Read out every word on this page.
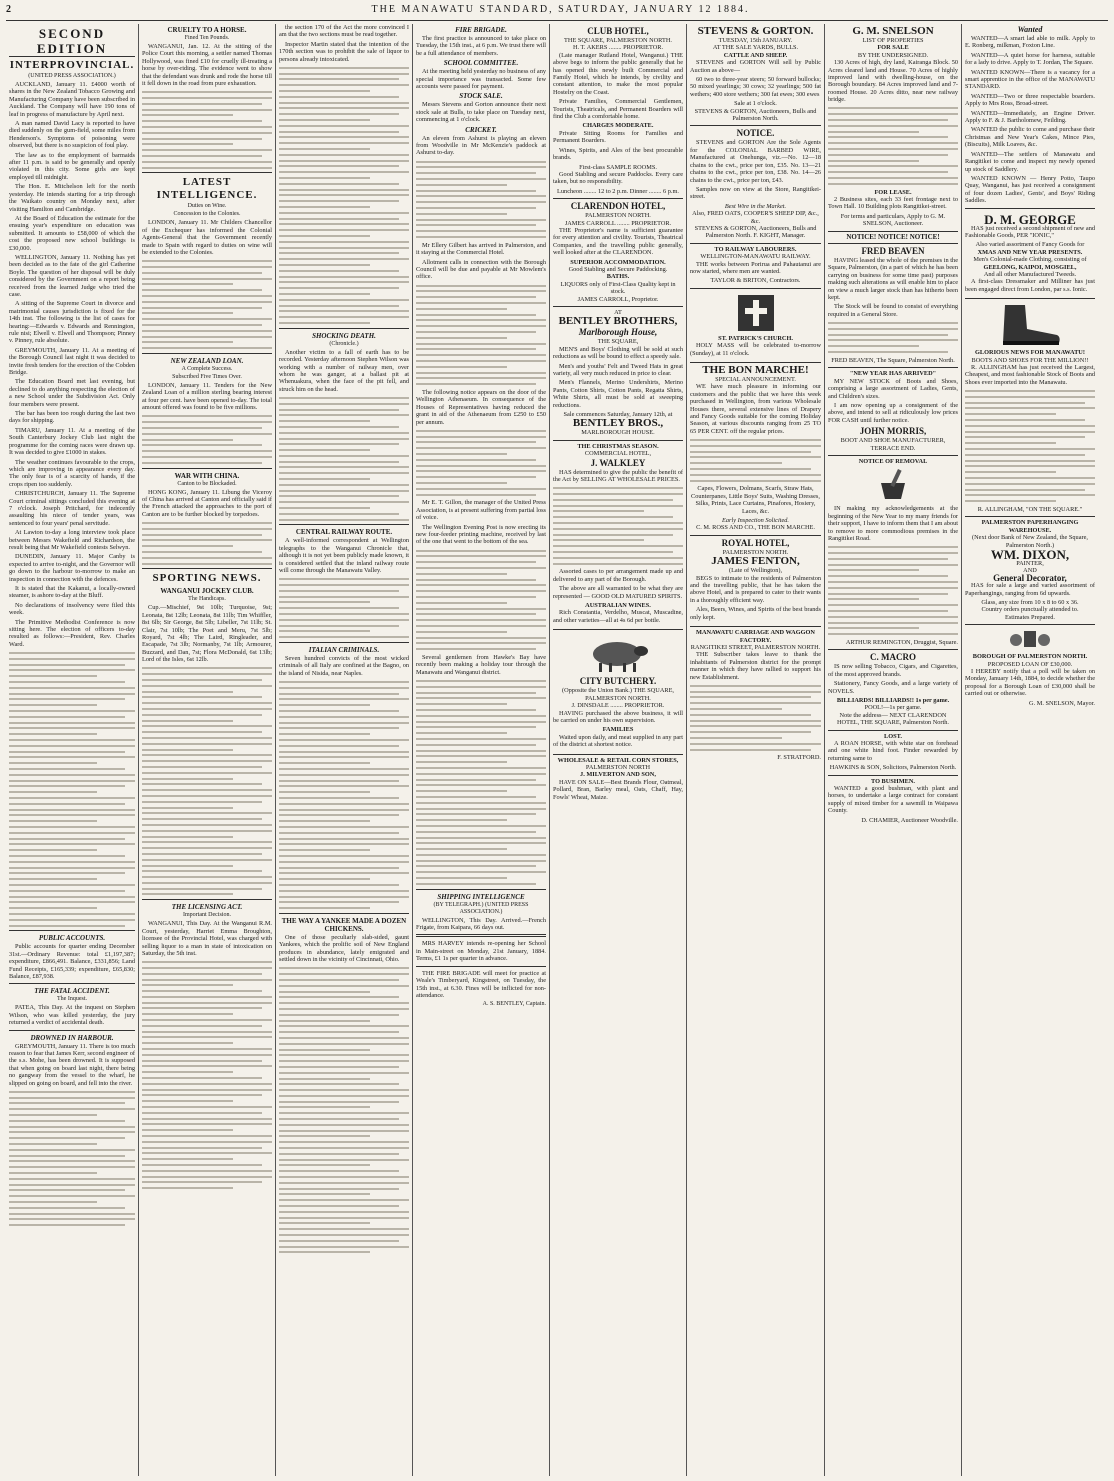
2	THE MANAWATU STANDARD, SATURDAY, JANUARY 12 1884.
SECOND EDITION
INTERPROVINCIAL.
(UNITED PRESS ASSOCIATION.)

AUCKLAND, January 11. £4000 worth of shares in the New Zealand Tobacco Growing and Manufacturing Company have been subscribed in Auckland. The Company will have 190 tons of leaf in progress of manufacture by April next.

A man named David Lacy is reported to have died suddenly on the gum-field, some miles from Henderson's. Symptoms of poisoning were observed, but there is no suspicion of foul play.

The law as to the employment of barmaids after 11 p.m. is said to be generally and openly violated in this city. Some girls are kept employed till midnight.

The Hon. E. Mitchelson left for the north yesterday. He intends starting for a trip through the Waikato country on Monday next, after visiting Hamilton and Cambridge.

At the Board of Education the estimate for the ensuing year's expenditure on education was submitted. It amounts to £58,000 of which the cost the proposed new school buildings is £30,000.

WELLINGTON, January 11. Nothing has yet been decided as to the fate of the girl Catherine Boyle. The question of her disposal will be duly considered by the Government on a report being received from the learned Judge who tried the case.

A sitting of the Supreme Court in divorce and matrimonial causes jurisdiction is fixed for the 14th inst. The following is the list of cases for hearing:—Edwards v. Edwards and Rennington, rule nisi; Elwell v. Elwell and Thompson; Pinney v. Pinney, rule absolute.

GREYMOUTH, January 11. At a meeting of the Borough Council last night it was decided to invite fresh tenders for the erection of the Cobden Bridge.

The Education Board met last evening, but declined to do anything respecting the election of a new School under the Subdivision Act. Only four members were present.

The bar has been too rough during the last two days for shipping.

TIMARU, January 11. At a meeting of the South Canterbury Jockey Club last night the programme for the coming races were drawn up. It was decided to give £1000 in stakes.

The weather continues favourable to the crops, which are improving in appearance every day. The only fear is of a scarcity of hands, if the crops ripen too suddenly.

CHRISTCHURCH, January 11. The Supreme Court criminal sittings concluded this evening at 7 o'clock. Joseph Pritchard, for indecently assaulting his niece of tender years, was sentenced to four years' penal servitude.

At Lawton to-day a long interview took place between Messrs Wakefield and Richardson, the result being that Mr Wakefield contests Selwyn.

DUNEDIN, January 11. Major Canby is expected to arrive to-night, and the Governor will go down to the harbour to-morrow to make an inspection in connection with the defences.

It is stated that the Kakanui, a locally-owned steamer, is ashore to-day at the Bluff.

No declarations of insolvency were filed this week.

The Primitive Methodist Conference is now sitting here. The election of officers to-day resulted as follows:—President, Rev. Charles Ward.

PUBLIC ACCOUNTS.

Public accounts for quarter ending December 31st.—Ordinary Revenue: total £1,197,387; expenditure, £866,491. Balance, £331,856; Land Fund Receipts, £165,339; expenditure, £65,830; Balance, £87,938.

THE FATAL ACCIDENT.
The Inquest.

PATEA, This Day. At the inquest on Stephen Wilson, who was killed yesterday, the jury returned a verdict of accidental death.

DROWNED IN HARBOUR.

GREYMOUTH, January 11. There is too much reason to fear that James Kerr, second engineer of the s.s. Mohe, has been drowned. It is supposed that when going on board last night, there being no gangway from the vessel to the wharf, he slipped on going on board, and fell into the river.

CRUELTY TO A HORSE.
Fined Ten Pounds.

WANGANUI, Jan. 12. At the sitting of the Police Court this morning, a settler named Thomas Hollywood, was fined £10 for cruelly ill-treating a horse by over-riding. The evidence went to show that the defendant was drunk and rode the horse till it fell down in the road from pure exhaustion.

LATEST INTELLIGENCE.
Duties on Wine.
Concession to the Colonies.

LONDON, January 11. Mr Childers Chancellor of the Exchequer has informed the Colonial Agents-General that the Government recently made to Spain with regard to duties on wine will be extended to the Colonies.

NEW ZEALAND LOAN.
A Complete Success.
Subscribed Five Times Over.

LONDON, January 11. Tenders for the New Zealand Loan of a million sterling bearing interest at four per cent. have been opened to-day. The total amount offered was found to be five millions.

WAR WITH CHINA.
Canton to be Blockaded.

HONG KONG, January 11. Libung the Viceroy of China has arrived at Canton and officially said if the French attacked the approaches to the port of Canton are to be further blocked by torpedoes.

SPORTING NEWS.
WANGANUI JOCKEY CLUB.
The Handicaps.

Cup.—Mischief, 9st 10lb; Turquoise, 9st; Leonata, 8st 12lb; Leonata, 8st 11lb; Tim Whiffler, 8st 6lb; Sir George, 8st 5lb; Libeller, 7st 11lb; St. Clair, 7st 10lb; The Poet and Meru, 7st 5lb; Royard, 7st 4lb; The Laird, Ringleader, and Escapade, 7st 3lb; Normanby, 7st 1lb; Armourer, Buzzard, and Dan, 7st; Flora McDonald, 6st 13lb; Lord of the Isles, 6st 12lb.

THE LICENSING ACT.
Important Decision.

WANGANUI, This Day. At the Wanganui R.M. Court, yesterday, Harriet Emma Broughton, licensee of the Provincial Hotel, was charged with selling liquor to a man in state of intoxication on Saturday, the 5th inst.

the section 170 of the Act the more convinced I am that the two sections must be read together.

Inspector Martin stated that the intention of the 170th section was to prohibit the sale of liquor to persons already intoxicated.

SHOCKING DEATH.
(Chronicle.)

Another victim to a fall of earth has to be recorded. Yesterday afternoon Stephen Wilson was working with a number of railway men, over whom he was ganger, at a ballast pit at Whenuakura, when the face of the pit fell, and struck him on the head.

CENTRAL RAILWAY ROUTE.

A well-informed correspondent at Wellington telegraphs to the Wanganui Chronicle that, although it is not yet been publicly made known, it is considered settled that the inland railway route will come through the Manawatu Valley.

ITALIAN CRIMINALS.

Seven hundred convicts of the most wicked criminals of all Italy are confined at the Bagno, on the island of Nisida, near Naples.

THE WAY A YANKEE MADE A DOZEN CHICKENS.

One of those peculiarly slab-sided, gaunt Yankees, which the prolific soil of New England produces in abundance, lately emigrated and settled down in the vicinity of Cincinnati, Ohio.

FIRE BRIGADE.

The first practice is announced to take place on Tuesday, the 15th inst., at 6 p.m. We trust there will be a full attendance of members.

SCHOOL COMMITTEE.

At the meeting held yesterday no business of any special importance was transacted. Some few accounts were passed for payment.

STOCK SALE.

Messrs Stevens and Gorton announce their next stock sale at Bulls, to take place on Tuesday next, commencing at 1 o'clock.

CRICKET.

An eleven from Ashurst is playing an eleven from Woodville in Mr McKenzie's paddock at Ashurst to-day.

Mr Ellery Gilbert has arrived in Palmerston, and it staying at the Commercial Hotel.

Allotment calls in connection with the Borough Council will be due and payable at Mr Mowlem's office.

The following notice appears on the door of the Wellington Athenaeum. In consequence of the Houses of Representatives having reduced the grant in aid of the Athenaeum from £250 to £50 per annum.

Mr E. T. Gillon, the manager of the United Press Association, is at present suffering from partial loss of voice.

The Wellington Evening Post is now erecting its new four-feeder printing machine, received by last of the one that went to the bottom of the sea.

Several gentlemen from Hawke's Bay have recently been making a holiday tour through the Manawatu and Wanganui district.

SHIPPING INTELLIGENCE
(BY TELEGRAPH.) (UNITED PRESS ASSOCIATION.)

WELLINGTON, This Day. Arrived.—French Frigate, from Kaipara, 66 days out.

MRS HARVEY intends re-opening her School in Main-street on Monday, 21st January, 1884. Terms, £1 1s per quarter in advance.

THE FIRE BRIGADE will meet for practice at Weale's Timberyard, Kingstreet, on Tuesday, the 15th inst., at 6.30. Fines will be inflicted for non-attendance.

A. S. BENTLEY, Captain.
CLUB HOTEL,
THE SQUARE, PALMERSTON NORTH.
H. T. AKERS ........ PROPRIETOR.

(Late manager Rutland Hotel, Wanganui.) THE above begs to inform the public generally that he has opened this newly built Commercial and Family Hotel, which he intends, by civility and constant attention, to make the most popular Hostelry on the Coast.

Private Families, Commercial Gentlemen, Tourists, Theatricals, and Permanent Boarders will find the Club a comfortable home.

CHARGES MODERATE.

Private Sitting Rooms for Families and Permanent Boarders.

Wines, Spirits, and Ales of the best procurable brands.

First-class SAMPLE ROOMS.

Good Stabling and secure Paddocks. Every care taken, but no responsibility.

Luncheon ........ 12 to 2 p.m. Dinner ........ 6 p.m.
CLARENDON HOTEL,
PALMERSTON NORTH.
JAMES CARROLL ........ PROPRIETOR.

THE Proprietor's name is sufficient guarantee for every attention and civility. Tourists, Theatrical Companies, and the travelling public generally, well looked after at the CLARENDON.

SUPERIOR ACCOMMODATION.
Good Stabling and Secure Paddocking.
BATHS.
LIQUORS only of First-Class Quality kept in stock.
JAMES CARROLL, Proprietor.
AT
BENTLEY BROTHERS,
Marlborough House,
THE SQUARE,

MEN'S and Boys' Clothing will be sold at such reductions as will be bound to effect a speedy sale.

Men's and youths' Felt and Tweed Hats in great variety, all very much reduced in price to clear.

Men's Flannels, Merino Undershirts, Merino Pants, Cotton Shirts, Cotton Pants, Regatta Shirts, White Shirts, all must be sold at sweeping reductions.

Sale commences Saturday, January 12th, at
BENTLEY BROS.,
MARLBOROUGH HOUSE.
THE CHRISTMAS SEASON.
COMMERCIAL HOTEL,
J. WALKLEY

HAS determined to give the public the benefit of the Act by SELLING AT WHOLESALE PRICES.

Assorted cases to per arrangement made up and delivered to any part of the Borough.

The above are all warranted to be what they are represented — GOOD OLD MATURED SPIRITS.

AUSTRALIAN WINES.

Rich Constantia, Verdelho, Muscat, Muscadine, and other varieties—all at 4s 6d per bottle.

CITY BUTCHERY.
(Opposite the Union Bank.) THE SQUARE, PALMERSTON NORTH.
J. DINSDALE ........ PROPRIETOR.

HAVING purchased the above business, it will be carried on under his own supervision.

FAMILIES

Waited upon daily, and meat supplied in any part of the district at shortest notice.

WHOLESALE & RETAIL CORN STORES,
PALMERSTON NORTH
J. MILVERTON AND SON,

HAVE ON SALE—Best Brands Flour, Oatmeal, Pollard, Bran, Barley meal, Oats, Chaff, Hay, Fowls' Wheat, Maize.

STEVENS & GORTON.
TUESDAY, 15th JANUARY.
AT THE SALE YARDS, BULLS.
CATTLE AND SHEEP.

STEVENS and GORTON Will sell by Public Auction as above—

60 two to three-year steers; 50 forward bullocks; 50 mixed yearlings; 30 cows; 32 yearlings; 500 fat wethers; 400 store wethers; 300 fat ewes; 300 ewes

Sale at 1 o'clock.
STEVENS & GORTON, Auctioneers, Bulls and Palmerston North.
NOTICE.

STEVENS and GORTON Are the Sole Agents for the COLONIAL BARBED WIRE, Manufactured at Onehunga, viz.—No. 12—18 chains to the cwt., price per ton, £35. No. 13—21 chains to the cwt., price per ton, £38. No. 14—26 chains to the cwt., price per ton, £43.

Samples now on view at the Store, Rangitikei-street.

Best Wire in the Market.
Also, FRED OATS, COOPER'S SHEEP DIP, &c., &c.
STEVENS & GORTON, Auctioneers, Bulls and Palmerston North. F. KIGHT, Manager.
TO RAILWAY LABOURERS.
WELLINGTON-MANAWATU RAILWAY.

THE works between Porirua and Pahautanui are now started, where men are wanted.

TAYLOR & BRITON, Contractors.
ST. PATRICK'S CHURCH.

HOLY MASS will be celebrated to-morrow (Sunday), at 11 o'clock.

THE BON MARCHE!
SPECIAL ANNOUNCEMENT.

WE have much pleasure in informing our customers and the public that we have this week purchased in Wellington, from various Wholesale Houses there, several extensive lines of Drapery and Fancy Goods suitable for the coming Holiday Season, at various discounts ranging from 25 TO 65 PER CENT. off the regular prices.

Capes, Flowers, Dolmans, Scarfs, Straw Hats, Counterpanes, Little Boys' Suits, Washing Dresses, Silks, Prints, Lace Curtains, Pinafores, Hosiery, Laces, &c.

Early Inspection Solicited.
C. M. ROSS AND CO., THE BON MARCHE.
ROYAL HOTEL,
PALMERSTON NORTH.
JAMES FENTON,
(Late of Wellington),

BEGS to intimate to the residents of Palmerston and the travelling public, that he has taken the above Hotel, and is prepared to cater to their wants in a thoroughly efficient way.

Ales, Beers, Wines, and Spirits of the best brands only kept.

MANAWATU CARRIAGE AND WAGGON FACTORY.
RANGITIKEI STREET, PALMERSTON NORTH.

THE Subscriber takes leave to thank the inhabitants of Palmerston district for the prompt manner in which they have rallied to support his new Establishment.

F. STRATFORD.
G. M. SNELSON
LIST OF PROPERTIES
FOR SALE
BY THE UNDERSIGNED.

130 Acres of high, dry land, Kairanga Block. 50 Acres cleared land and House. 70 Acres of highly improved land with dwelling-house, on the Borough boundary. 84 Acres improved land and 7-roomed House. 20 Acres ditto, near new railway bridge.

FOR LEASE.

2 Business sites, each 33 feet frontage next to Town Hall. 10 Building plots Rangitikei-street.

For terms and particulars, Apply to G. M. SNELSON, Auctioneer.
NOTICE! NOTICE! NOTICE!
FRED BEAVEN

HAVING leased the whole of the premises in the Square, Palmerston, (in a part of which he has been carrying on business for some time past) purposes making such alterations as will enable him to place on view a much larger stock than has hitherto been kept.

The Stock will be found to consist of everything required in a General Store.

FRED BEAVEN, The Square, Palmerston North.
"NEW YEAR HAS ARRIVED"

MY NEW STOCK of Boots and Shoes, comprising a large assortment of Ladies, Gents, and Children's sizes.

I am now opening up a consignment of the above, and intend to sell at ridiculously low prices FOR CASH until further notice.

JOHN MORRIS,
BOOT AND SHOE MANUFACTURER, TERRACE END.
NOTICE OF REMOVAL

IN making my acknowledgements at the beginning of the New Year to my many friends for their support, I have to inform them that I am about to remove to more commodious premises in the Rangitikei Road.

ARTHUR REMINGTON, Druggist, Square.
C. MACRO

IS now selling Tobacco, Cigars, and Cigarettes, of the most approved brands.

Stationery, Fancy Goods, and a large variety of NOVELS.

BILLIARDS! BILLIARDS!! 1s per game.
POOL!—1s per game.
Note the address— NEXT CLARENDON HOTEL, THE SQUARE, Palmerston North.
LOST.

A ROAN HORSE, with white star on forehead and one white hind foot. Finder rewarded by returning same to

HAWKINS & SON, Solicitors, Palmerston North.
TO BUSHMEN.

WANTED a good bushman, with plant and horses, to undertake a large contract for constant supply of mixed timber for a sawmill in Waipawa County.

D. CHAMIER, Auctioneer Woodville.
Wanted

WANTED—A smart lad able to milk. Apply to E. Ronberg, milkman, Foxton Line.

WANTED—A quiet horse for harness, suitable for a lady to drive. Apply to T. Jordan, The Square.

WANTED KNOWN—There is a vacancy for a smart apprentice in the office of the MANAWATU STANDARD.

WANTED—Two or three respectable boarders. Apply to Mrs Ross, Broad-street.

WANTED—Immediately, an Engine Driver. Apply to F. & J. Bartholomew, Feilding.

WANTED the public to come and purchase their Christmas and New Year's Cakes, Mince Pies, (Biscuits), Milk Loaves, &c.

WANTED—The settlers of Manawatu and Rangitikei to come and inspect my newly opened up stock of Saddlery.

WANTED KNOWN — Henry Potto, Taupo Quay, Wanganui, has just received a consignment of four dozen Ladies', Gents', and Boys' Riding Saddles.

D. M. GEORGE

HAS just received a second shipment of new and Fashionable Goods, PER "IONIC,"

Also varied assortment of Fancy Goods for
XMAS AND NEW YEAR PRESENTS.
Men's Colonial-made Clothing, consisting of
GEELONG, KAIPOI, MOSGIEL,
And all other Manufactured Tweeds.

A first-class Dressmaker and Milliner has just been engaged direct from London, par s.s. Ionic.

GLORIOUS NEWS FOR MANAWATU!
BOOTS AND SHOES FOR THE MILLION!!

R. ALLINGHAM has just received the Largest, Cheapest, and most fashionable Stock of Boots and Shoes ever imported into the Manawatu.

R. ALLINGHAM, "ON THE SQUARE."
PALMERSTON PAPERHANGING WAREHOUSE.
(Next door Bank of New Zealand, the Square, Palmerston North.)
WM. DIXON,
PAINTER,
AND
General Decorator,

HAS for sale a large and varied assortment of Paperhangings, ranging from 6d upwards.

Glass, any size from 10 x 8 to 60 x 36.
Country orders punctually attended to.
Estimates Prepared.
BOROUGH OF PALMERSTON NORTH.
PROPOSED LOAN OF £30,000.

I HEREBY notify that a poll will be taken on Monday, January 14th, 1884, to decide whether the proposal for a Borough Loan of £30,000 shall be carried out or otherwise.

G. M. SNELSON, Mayor.
